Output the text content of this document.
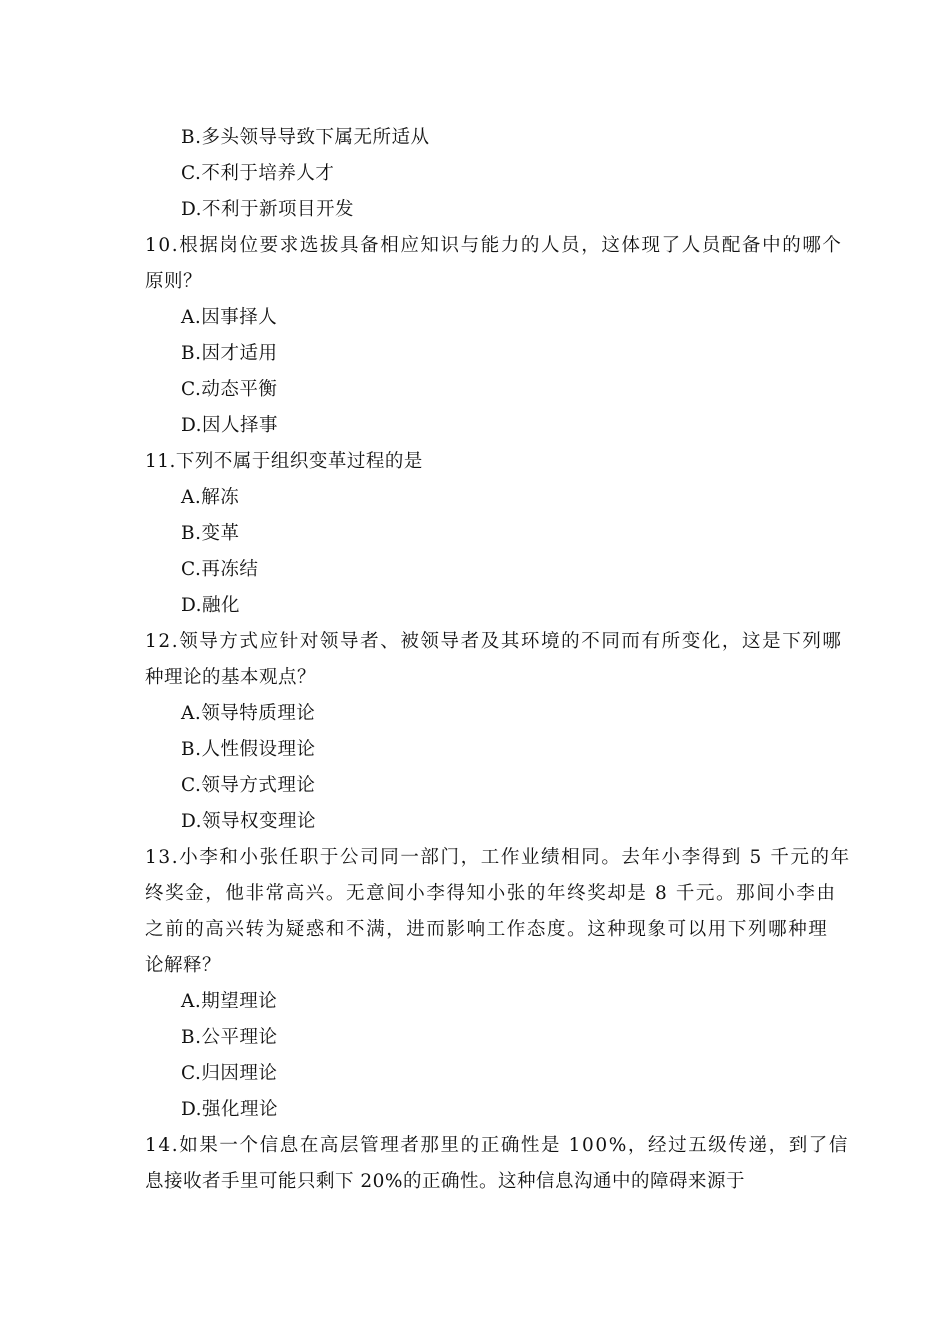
B.多头领导导致下属无所适从
C.不利于培养人才
D.不利于新项目开发
10.根据岗位要求选拔具备相应知识与能力的人员，这体现了人员配备中的哪个
原则？
A.因事择人
B.因才适用
C.动态平衡
D.因人择事
11.下列不属于组织变革过程的是
A.解冻
B.变革
C.再冻结
D.融化
12.领导方式应针对领导者、被领导者及其环境的不同而有所变化，这是下列哪
种理论的基本观点？
A.领导特质理论
B.人性假设理论
C.领导方式理论
D.领导权变理论
13.小李和小张任职于公司同一部门，工作业绩相同。去年小李得到 5 千元的年
终奖金，他非常高兴。无意间小李得知小张的年终奖却是 8 千元。那间小李由
之前的高兴转为疑惑和不满，进而影响工作态度。这种现象可以用下列哪种理
论解释？
A.期望理论
B.公平理论
C.归因理论
D.强化理论
14.如果一个信息在高层管理者那里的正确性是 100%，经过五级传递，到了信
息接收者手里可能只剩下 20%的正确性。这种信息沟通中的障碍来源于
